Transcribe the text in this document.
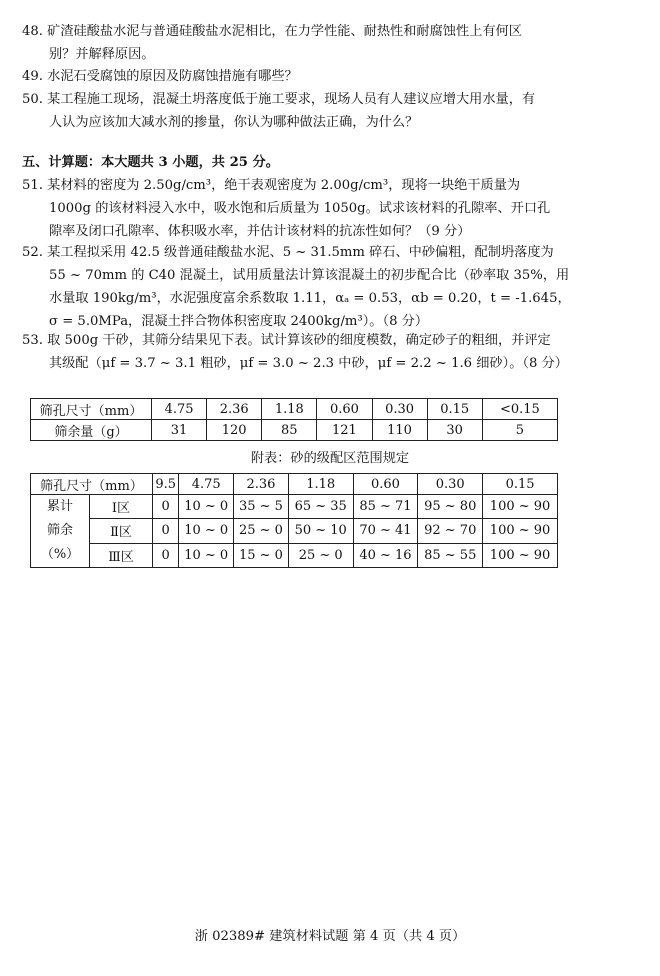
48. 矿渣硅酸盐水泥与普通硅酸盐水泥相比，在力学性能、耐热性和耐腐蚀性上有何区
别？并解释原因。
49. 水泥石受腐蚀的原因及防腐蚀措施有哪些？
50. 某工程施工现场，混凝土坍落度低于施工要求，现场人员有人建议应增大用水量，有
人认为应该加大减水剂的掺量，你认为哪种做法正确，为什么？
五、计算题：本大题共 3 小题，共 25 分。
51. 某材料的密度为 2.50g/cm³，绝干表观密度为 2.00g/cm³，现将一块绝干质量为
1000g 的该材料浸入水中，吸水饱和后质量为 1050g。试求该材料的孔隙率、开口孔
隙率及闭口孔隙率、体积吸水率，并估计该材料的抗冻性如何？（9 分）
52. 某工程拟采用 42.5 级普通硅酸盐水泥、5 ~ 31.5mm 碎石、中砂偏粗，配制坍落度为
55 ~ 70mm 的 C40 混凝土，试用质量法计算该混凝土的初步配合比（砂率取 35%，用
水量取 190kg/m³，水泥强度富余系数取 1.11，αₐ = 0.53，αb = 0.20，t = -1.645，
σ = 5.0MPa，混凝土拌合物体积密度取 2400kg/m³）。（8 分）
53. 取 500g 干砂，其筛分结果见下表。试计算该砂的细度模数，确定砂子的粗细，并评定
其级配（μf = 3.7 ~ 3.1 粗砂，μf = 3.0 ~ 2.3 中砂，μf = 2.2 ~ 1.6 细砂）。（8 分）
筛孔尺寸（mm）	4.75	2.36	1.18	0.60	0.30	0.15	<0.15
筛余量（g）	31	120	85	121	110	30	5
附表：砂的级配区范围规定
筛孔尺寸（mm）		9.5	4.75	2.36	1.18	0.60	0.30	0.15

累计
筛余
（%）	Ⅰ区	0	10 ~ 0	35 ~ 5	65 ~ 35	85 ~ 71	95 ~ 80	100 ~ 90
	Ⅱ区	0	10 ~ 0	25 ~ 0	50 ~ 10	70 ~ 41	92 ~ 70	100 ~ 90
	Ⅲ区	0	10 ~ 0	15 ~ 0	25 ~ 0	40 ~ 16	85 ~ 55	100 ~ 90
浙 02389# 建筑材料试题 第 4 页（共 4 页）
